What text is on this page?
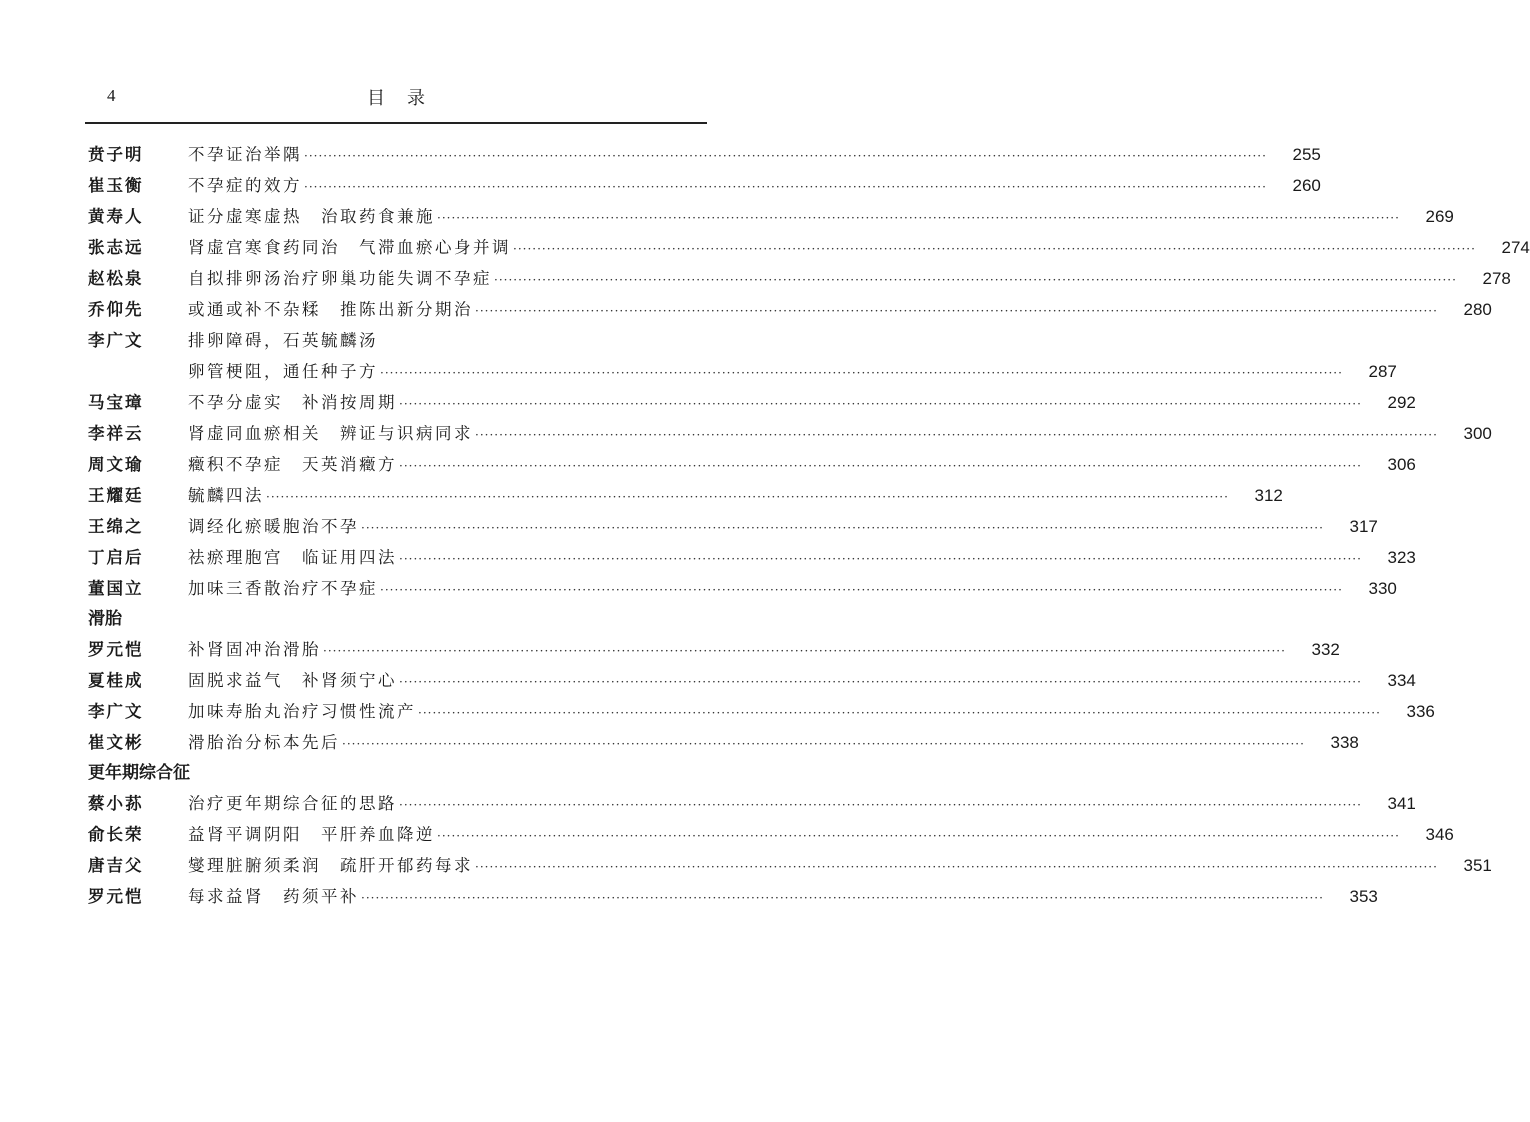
4	目录
贲子明	不孕证治举隅 ········································································································································································································	255
崔玉衡	不孕症的效方 ········································································································································································································	260
黄寿人	证分虚寒虚热　治取药食兼施 ········································································································································································································	269
张志远	肾虚宫寒食药同治　气滞血瘀心身并调 ········································································································································································································	274
赵松泉	自拟排卵汤治疗卵巢功能失调不孕症 ········································································································································································································	278
乔仰先	或通或补不杂糅　推陈出新分期治 ········································································································································································································	280
李广文	排卵障碍，石英毓麟汤
卵管梗阻，通任种子方 ········································································································································································································	287
马宝璋	不孕分虚实　补消按周期 ········································································································································································································	292
李祥云	肾虚同血瘀相关　辨证与识病同求 ········································································································································································································	300
周文瑜	癥积不孕症　天英消癥方 ········································································································································································································	306
王耀廷	毓麟四法 ········································································································································································································	312
王绵之	调经化瘀暖胞治不孕 ········································································································································································································	317
丁启后	祛瘀理胞宫　临证用四法 ········································································································································································································	323
董国立	加味三香散治疗不孕症 ········································································································································································································	330
滑胎
罗元恺	补肾固冲治滑胎 ········································································································································································································	332
夏桂成	固脱求益气　补肾须宁心 ········································································································································································································	334
李广文	加味寿胎丸治疗习惯性流产 ········································································································································································································	336
崔文彬	滑胎治分标本先后 ········································································································································································································	338
更年期综合征
蔡小荪	治疗更年期综合征的思路 ········································································································································································································	341
俞长荣	益肾平调阴阳　平肝养血降逆 ········································································································································································································	346
唐吉父	燮理脏腑须柔润　疏肝开郁药每求 ········································································································································································································	351
罗元恺	每求益肾　药须平补 ········································································································································································································	353
